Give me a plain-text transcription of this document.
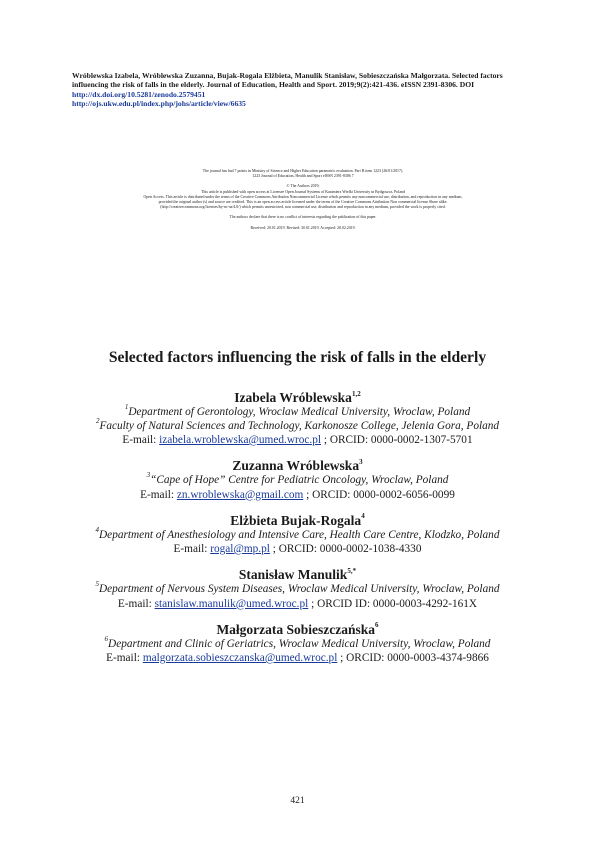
Wróblewska Izabela, Wróblewska Zuzanna, Bujak-Rogala Elżbieta, Manulik Stanisław, Sobieszczańska Małgorzata. Selected factors influencing the risk of falls in the elderly. Journal of Education, Health and Sport. 2019;9(2):421-436. eISSN 2391-8306. DOI
http://dx.doi.org/10.5281/zenodo.2579451
http://ojs.ukw.edu.pl/index.php/johs/article/view/6635
The journal has had 7 points in Ministry of Science and Higher Education parametric evaluation. Part B item 1223 (26/01/2017).
1223 Journal of Education, Health and Sport eISSN 2391-8306 7
© The Authors 2019;
This article is published with open access at Licensee Open Journal Systems of Kazimierz Wielki University in Bydgoszcz, Poland
Open Access. This article is distributed under the terms of the Creative Commons Attribution Noncommercial License which permits any noncommercial use, distribution, and reproduction in any medium,
provided the original author (s) and source are credited. This is an open access article licensed under the terms of the Creative Commons Attribution Non commercial license Share alike.
(http://creativecommons.org/licenses/by-nc-sa/4.0/) which permits unrestricted, non commercial use, distribution and reproduction in any medium, provided the work is properly cited.
The authors declare that there is no conflict of interests regarding the publication of this paper.
Received: 20.01.2019. Revised: 30.01.2019. Accepted: 28.02.2019.
Selected factors influencing the risk of falls in the elderly
Izabela Wróblewska$^{1,2}$
$^1$Department of Gerontology, Wroclaw Medical University, Wroclaw, Poland
$^2$Faculty of Natural Sciences and Technology, Karkonosze College, Jelenia Gora, Poland
E-mail: izabela.wroblewska@umed.wroc.pl ; ORCID: 0000-0002-1307-5701
Zuzanna Wróblewska$^3$
$^3$“Cape of Hope” Centre for Pediatric Oncology, Wroclaw, Poland
E-mail: zn.wroblewska@gmail.com ; ORCID: 0000-0002-6056-0099
Elżbieta Bujak-Rogala$^4$
$^4$Department of Anesthesiology and Intensive Care, Health Care Centre, Klodzko, Poland
E-mail: rogal@mp.pl ; ORCID: 0000-0002-1038-4330
Stanisław Manulik$^{5,*}$
$^5$Department of Nervous System Diseases, Wroclaw Medical University, Wroclaw, Poland
E-mail: stanislaw.manulik@umed.wroc.pl ; ORCID ID: 0000-0003-4292-161X
Małgorzata Sobieszczańska$^6$
$^6$Department and Clinic of Geriatrics, Wroclaw Medical University, Wroclaw, Poland
E-mail: malgorzata.sobieszczanska@umed.wroc.pl ; ORCID: 0000-0003-4374-9866
421
